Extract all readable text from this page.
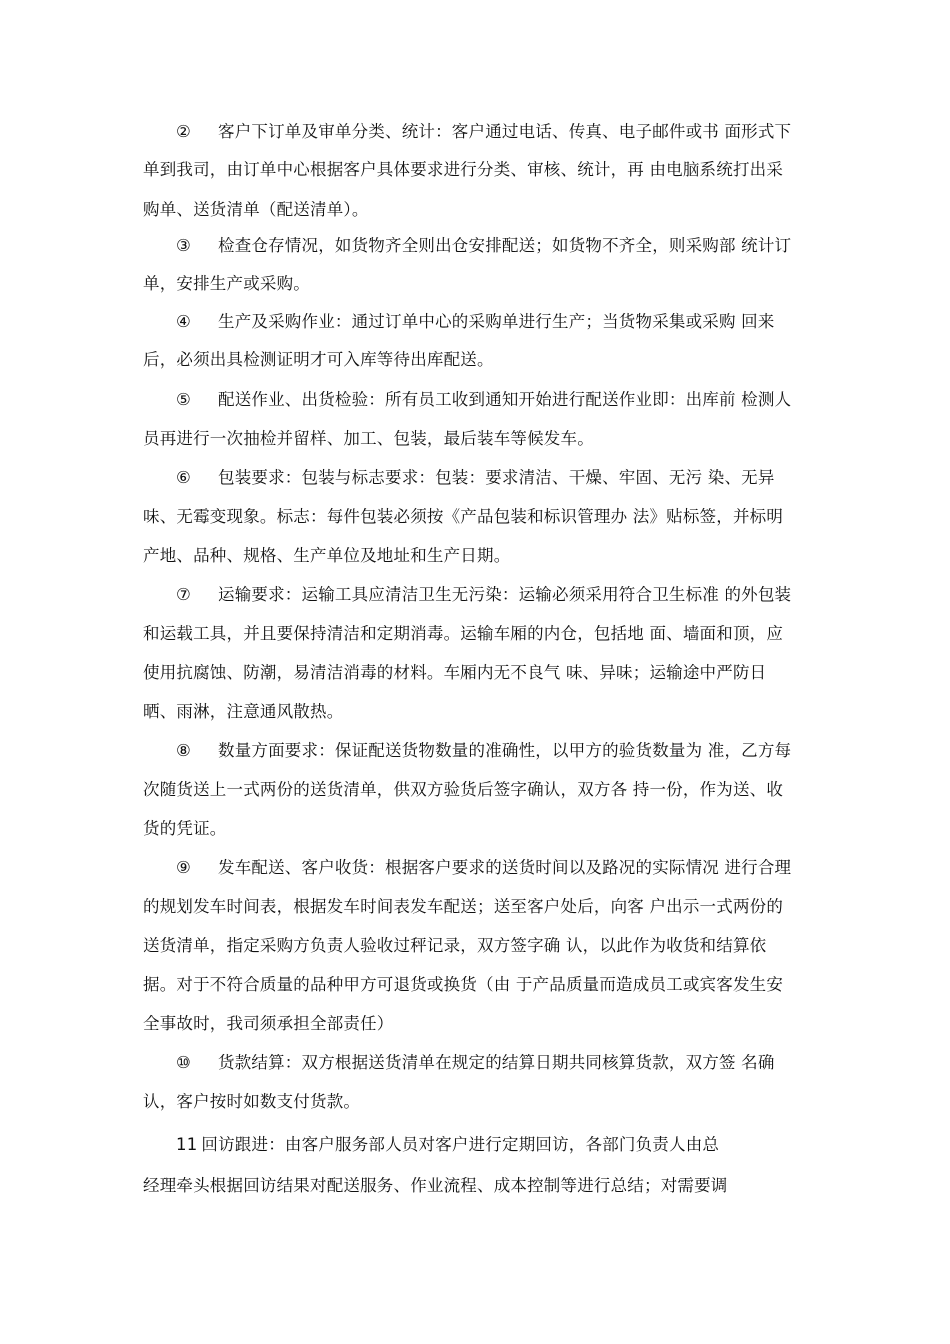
② 客户下订单及审单分类、统计：客户通过电话、传真、电子邮件或书 面形式下
单到我司，由订单中心根据客户具体要求进行分类、审核、统计，再 由电脑系统打出采
购单、送货清单（配送清单）。
③ 检查仓存情况，如货物齐全则出仓安排配送；如货物不齐全，则采购部 统计订
单，安排生产或采购。
④ 生产及采购作业：通过订单中心的采购单进行生产；当货物采集或采购 回来
后，必须出具检测证明才可入库等待出库配送。
⑤ 配送作业、出货检验：所有员工收到通知开始进行配送作业即：出库前 检测人
员再进行一次抽检并留样、加工、包装，最后装车等候发车。
⑥ 包装要求：包装与标志要求：包装：要求清洁、干燥、牢固、无污 染、无异
味、无霉变现象。标志：每件包装必须按《产品包装和标识管理办 法》贴标签，并标明
产地、品种、规格、生产单位及地址和生产日期。
⑦ 运输要求：运输工具应清洁卫生无污染：运输必须采用符合卫生标准 的外包装
和运载工具，并且要保持清洁和定期消毒。运输车厢的内仓，包括地 面、墙面和顶，应
使用抗腐蚀、防潮，易清洁消毒的材料。车厢内无不良气 味、异味；运输途中严防日
晒、雨淋，注意通风散热。
⑧ 数量方面要求：保证配送货物数量的准确性，以甲方的验货数量为 准，乙方每
次随货送上一式两份的送货清单，供双方验货后签字确认，双方各 持一份，作为送、收
货的凭证。
⑨ 发车配送、客户收货：根据客户要求的送货时间以及路况的实际情况 进行合理
的规划发车时间表，根据发车时间表发车配送；送至客户处后，向客 户出示一式两份的
送货清单，指定采购方负责人验收过秤记录，双方签字确 认，以此作为收货和结算依
据。对于不符合质量的品种甲方可退货或换货（由 于产品质量而造成员工或宾客发生安
全事故时，我司须承担全部责任）
⑩ 货款结算：双方根据送货清单在规定的结算日期共同核算货款，双方签 名确
认，客户按时如数支付货款。
11 回访跟进：由客户服务部人员对客户进行定期回访，各部门负责人由总
经理牵头根据回访结果对配送服务、作业流程、成本控制等进行总结；对需要调
